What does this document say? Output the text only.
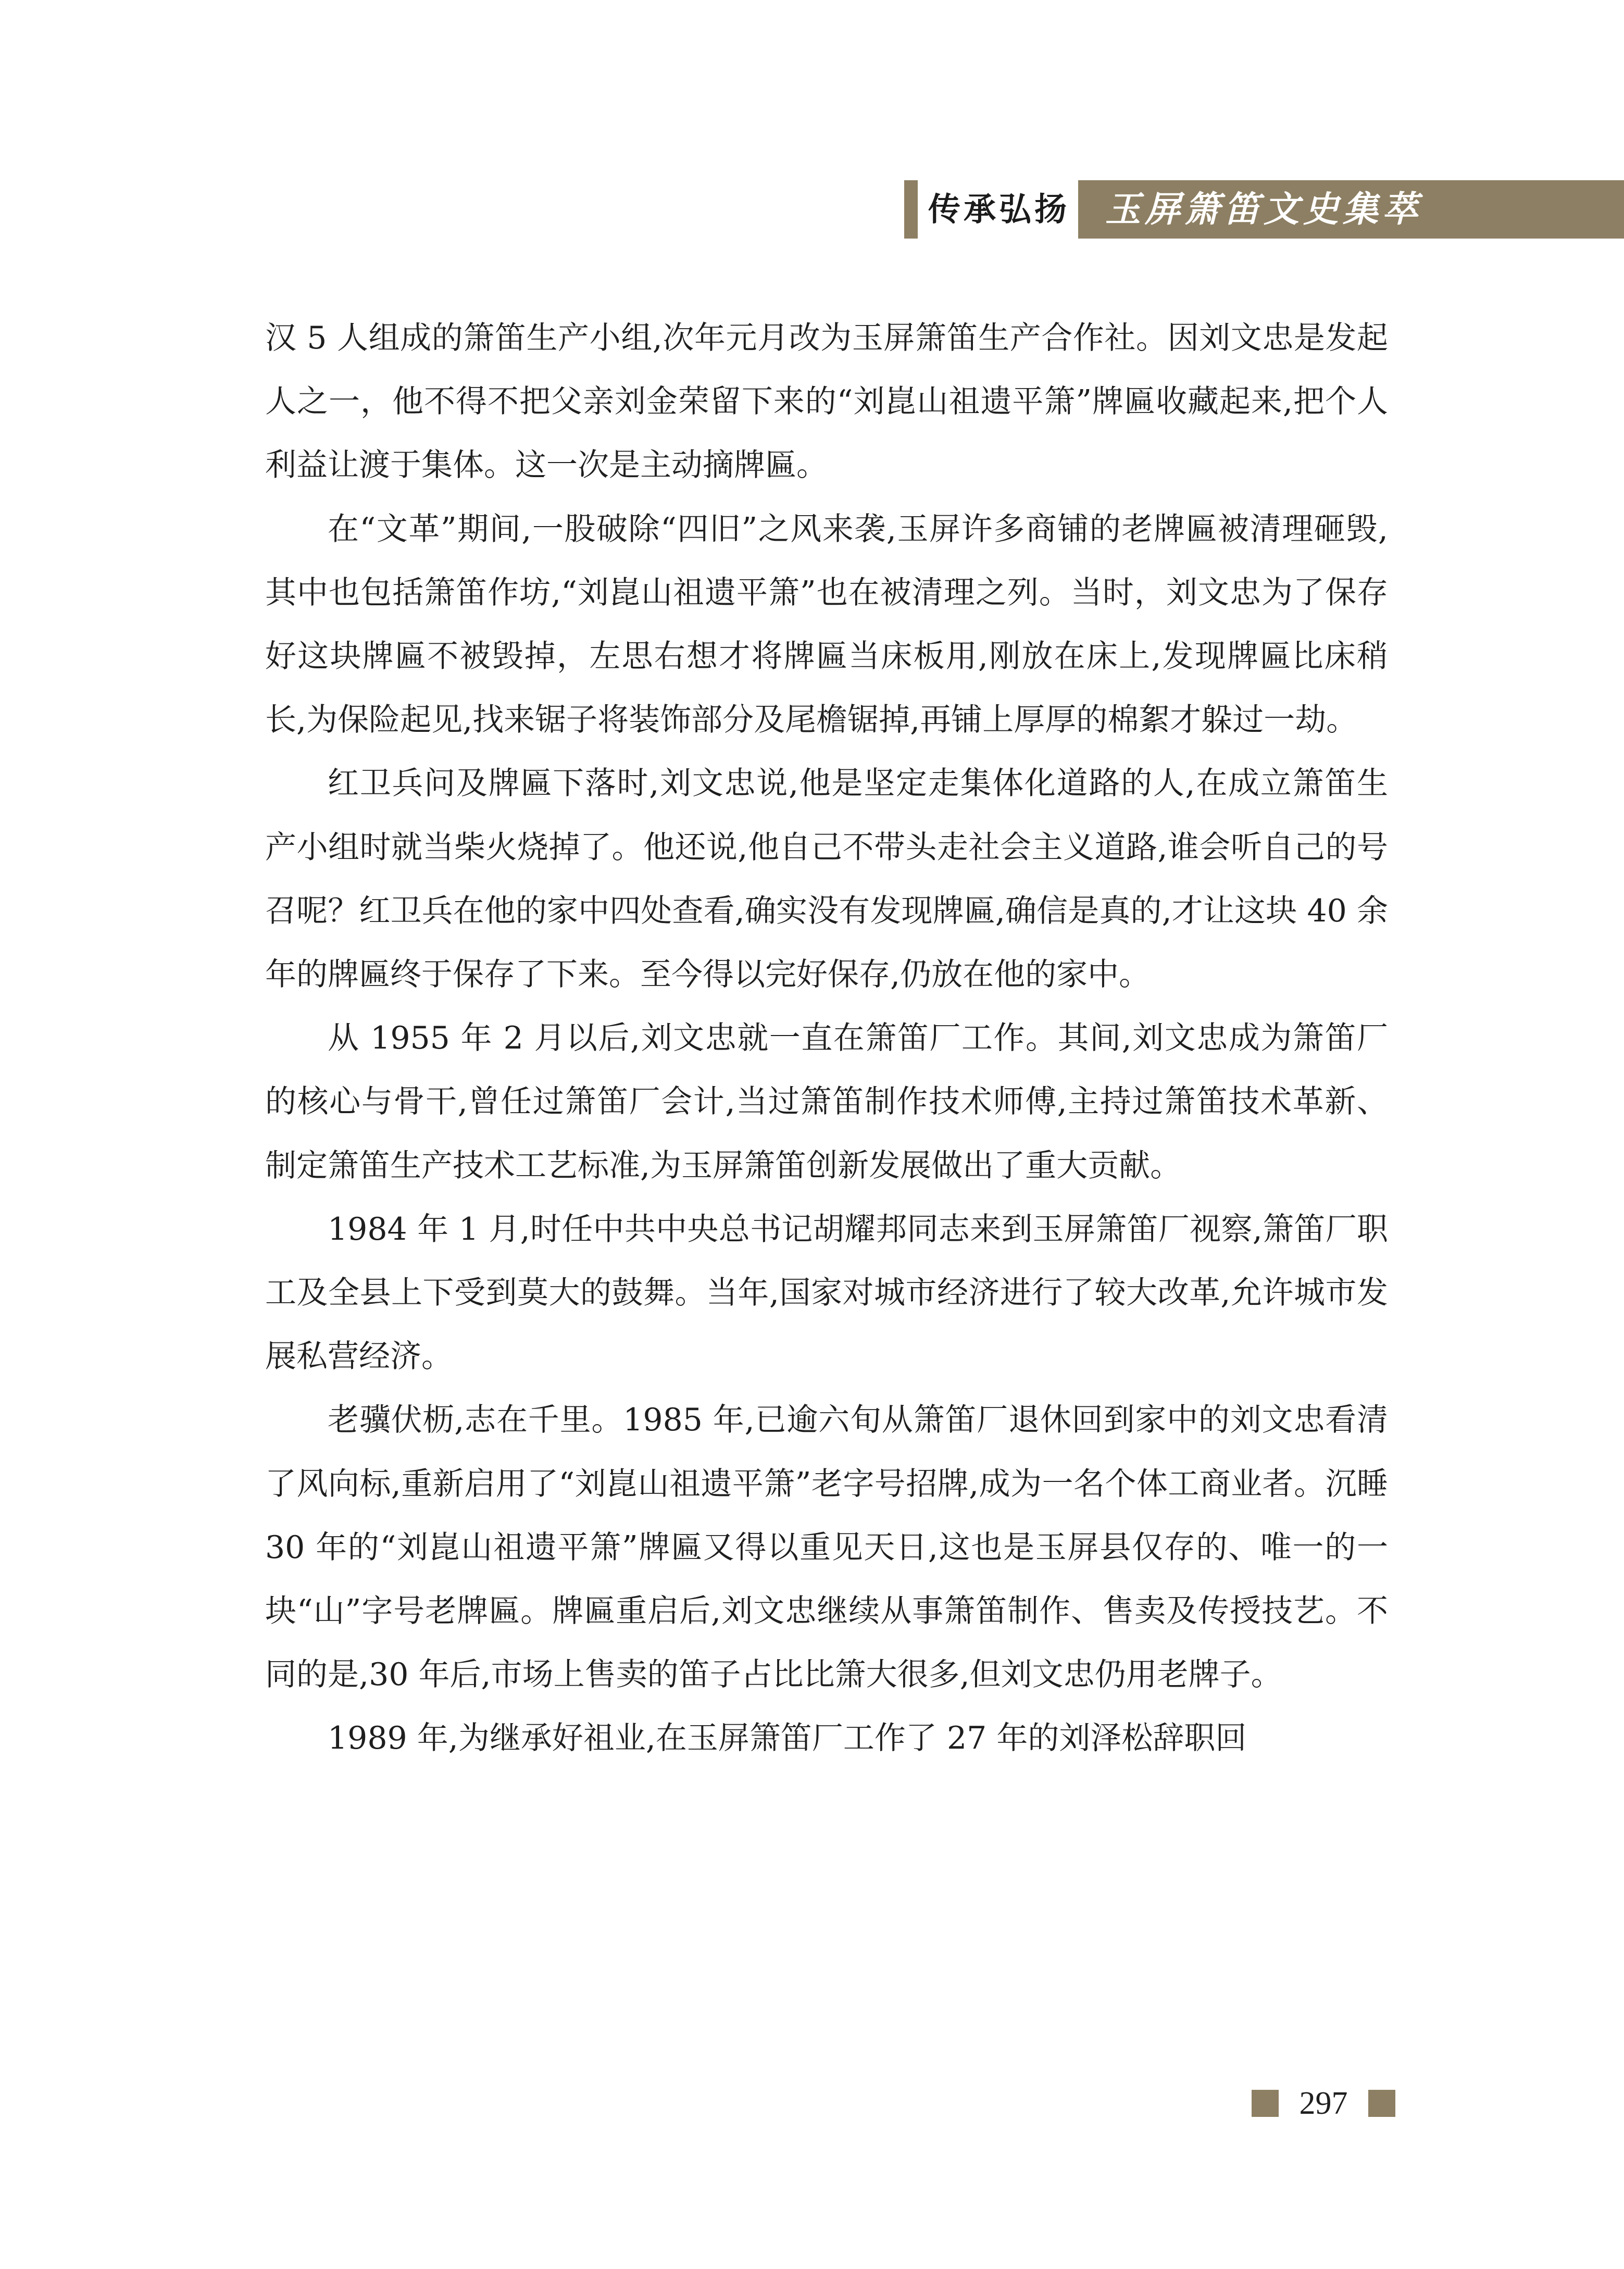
传承弘扬 玉屏箫笛文史集萃

汉 5 人组成的箫笛生产小组,次年元月改为玉屏箫笛生产合作社。因刘文忠是发起人之一，他不得不把父亲刘金荣留下来的“刘崑山祖遗平箫”牌匾收藏起来,把个人利益让渡于集体。这一次是主动摘牌匾。

在“文革”期间,一股破除“四旧”之风来袭,玉屏许多商铺的老牌匾被清理砸毁,其中也包括箫笛作坊,“刘崑山祖遗平箫”也在被清理之列。当时，刘文忠为了保存好这块牌匾不被毁掉，左思右想才将牌匾当床板用,刚放在床上,发现牌匾比床稍长,为保险起见,找来锯子将装饰部分及尾檐锯掉,再铺上厚厚的棉絮才躲过一劫。

红卫兵问及牌匾下落时,刘文忠说,他是坚定走集体化道路的人,在成立箫笛生产小组时就当柴火烧掉了。他还说,他自己不带头走社会主义道路,谁会听自己的号召呢？红卫兵在他的家中四处查看,确实没有发现牌匾,确信是真的,才让这块 40 余年的牌匾终于保存了下来。至今得以完好保存,仍放在他的家中。

从 1955 年 2 月以后,刘文忠就一直在箫笛厂工作。其间,刘文忠成为箫笛厂的核心与骨干,曾任过箫笛厂会计,当过箫笛制作技术师傅,主持过箫笛技术革新、制定箫笛生产技术工艺标准,为玉屏箫笛创新发展做出了重大贡献。

1984 年 1 月,时任中共中央总书记胡耀邦同志来到玉屏箫笛厂视察,箫笛厂职工及全县上下受到莫大的鼓舞。当年,国家对城市经济进行了较大改革,允许城市发展私营经济。

老骥伏枥,志在千里。1985 年,已逾六旬从箫笛厂退休回到家中的刘文忠看清了风向标,重新启用了“刘崑山祖遗平箫”老字号招牌,成为一名个体工商业者。沉睡 30 年的“刘崑山祖遗平箫”牌匾又得以重见天日,这也是玉屏县仅存的、唯一的一块“山”字号老牌匾。牌匾重启后,刘文忠继续从事箫笛制作、售卖及传授技艺。不同的是,30 年后,市场上售卖的笛子占比比箫大很多,但刘文忠仍用老牌子。

1989 年,为继承好祖业,在玉屏箫笛厂工作了 27 年的刘泽松辞职回

297
